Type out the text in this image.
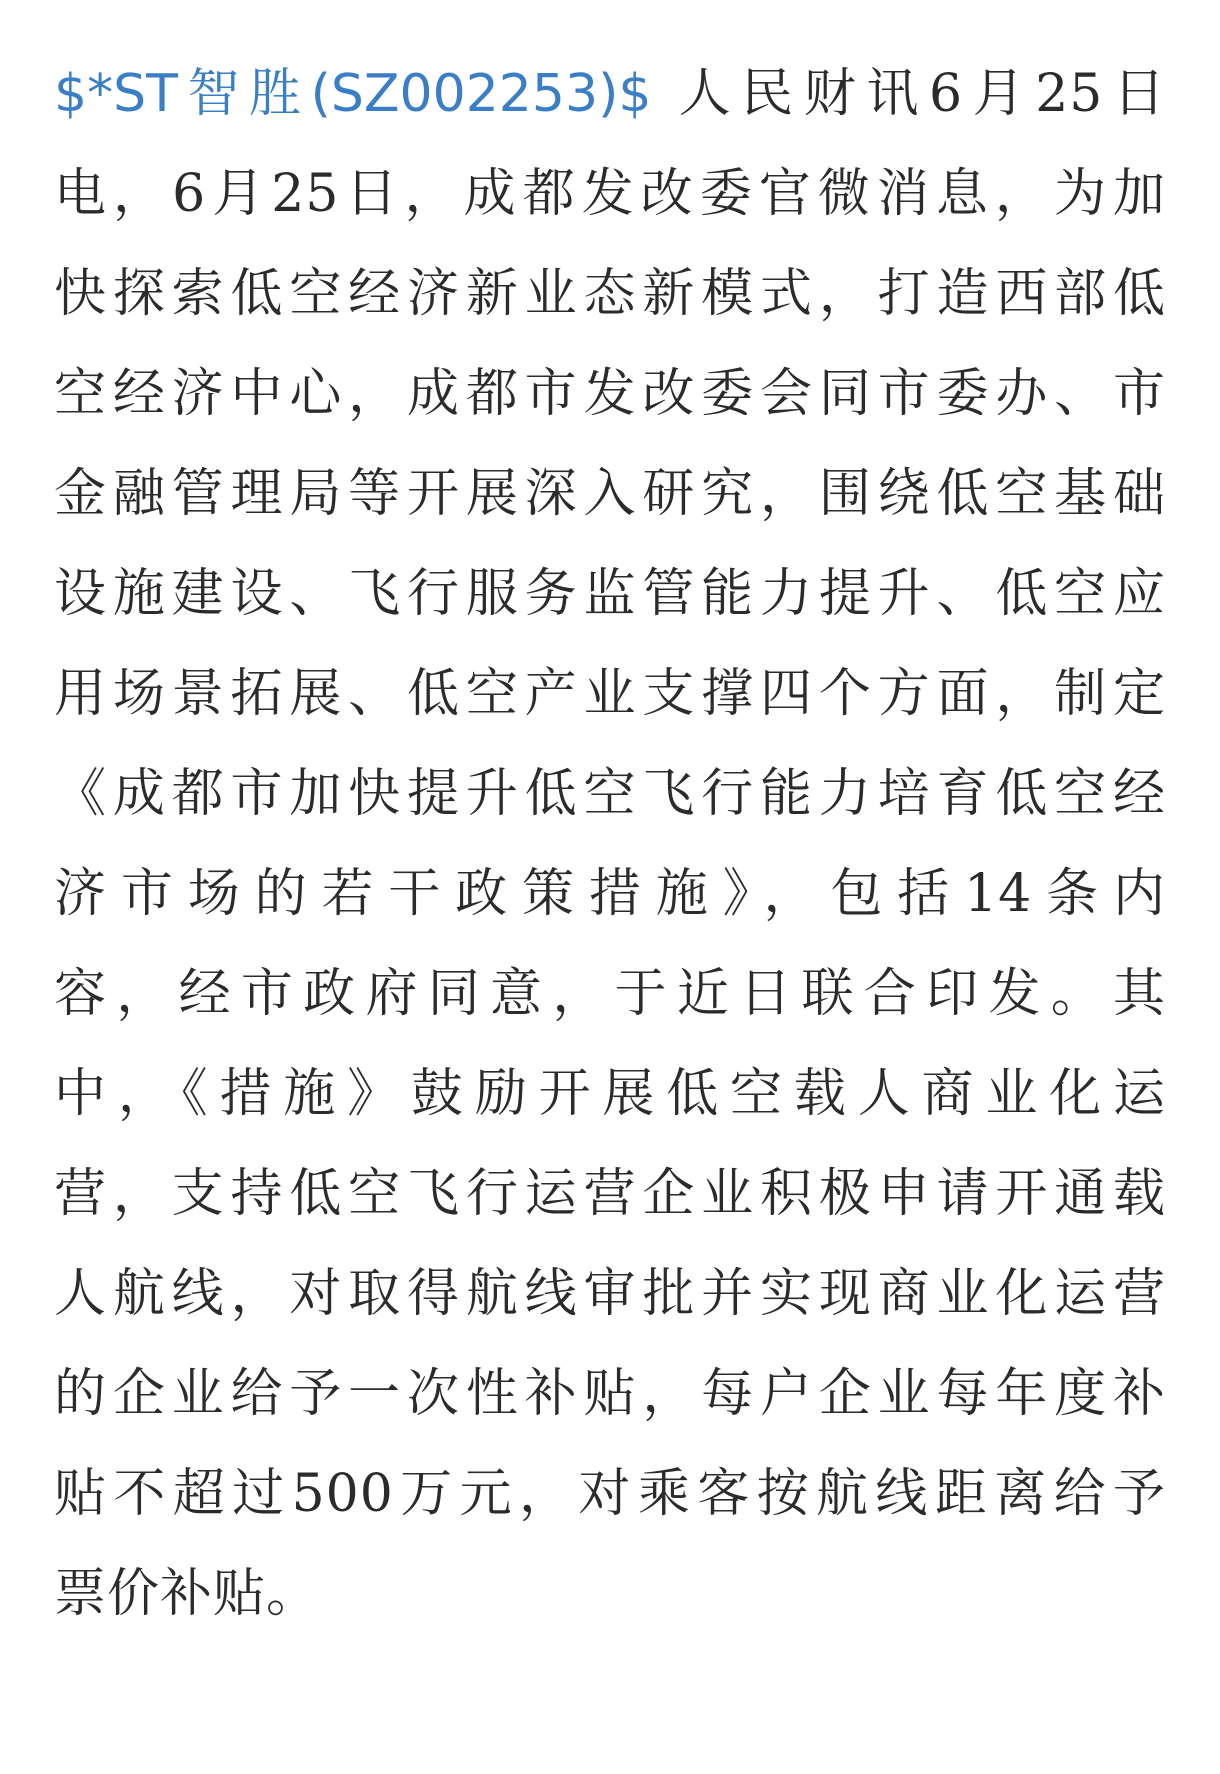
$*ST智胜(SZ002253)$ 人民财讯6月25日
电，6月25日，成都发改委官微消息，为加
快探索低空经济新业态新模式，打造西部低
空经济中心，成都市发改委会同市委办、市
金融管理局等开展深入研究，围绕低空基础
设施建设、飞行服务监管能力提升、低空应
用场景拓展、低空产业支撑四个方面，制定
《成都市加快提升低空飞行能力培育低空经
济市场的若干政策措施》，包括14条内
容，经市政府同意，于近日联合印发。其
中，《措施》鼓励开展低空载人商业化运
营，支持低空飞行运营企业积极申请开通载
人航线，对取得航线审批并实现商业化运营
的企业给予一次性补贴，每户企业每年度补
贴不超过500万元，对乘客按航线距离给予
票价补贴。
